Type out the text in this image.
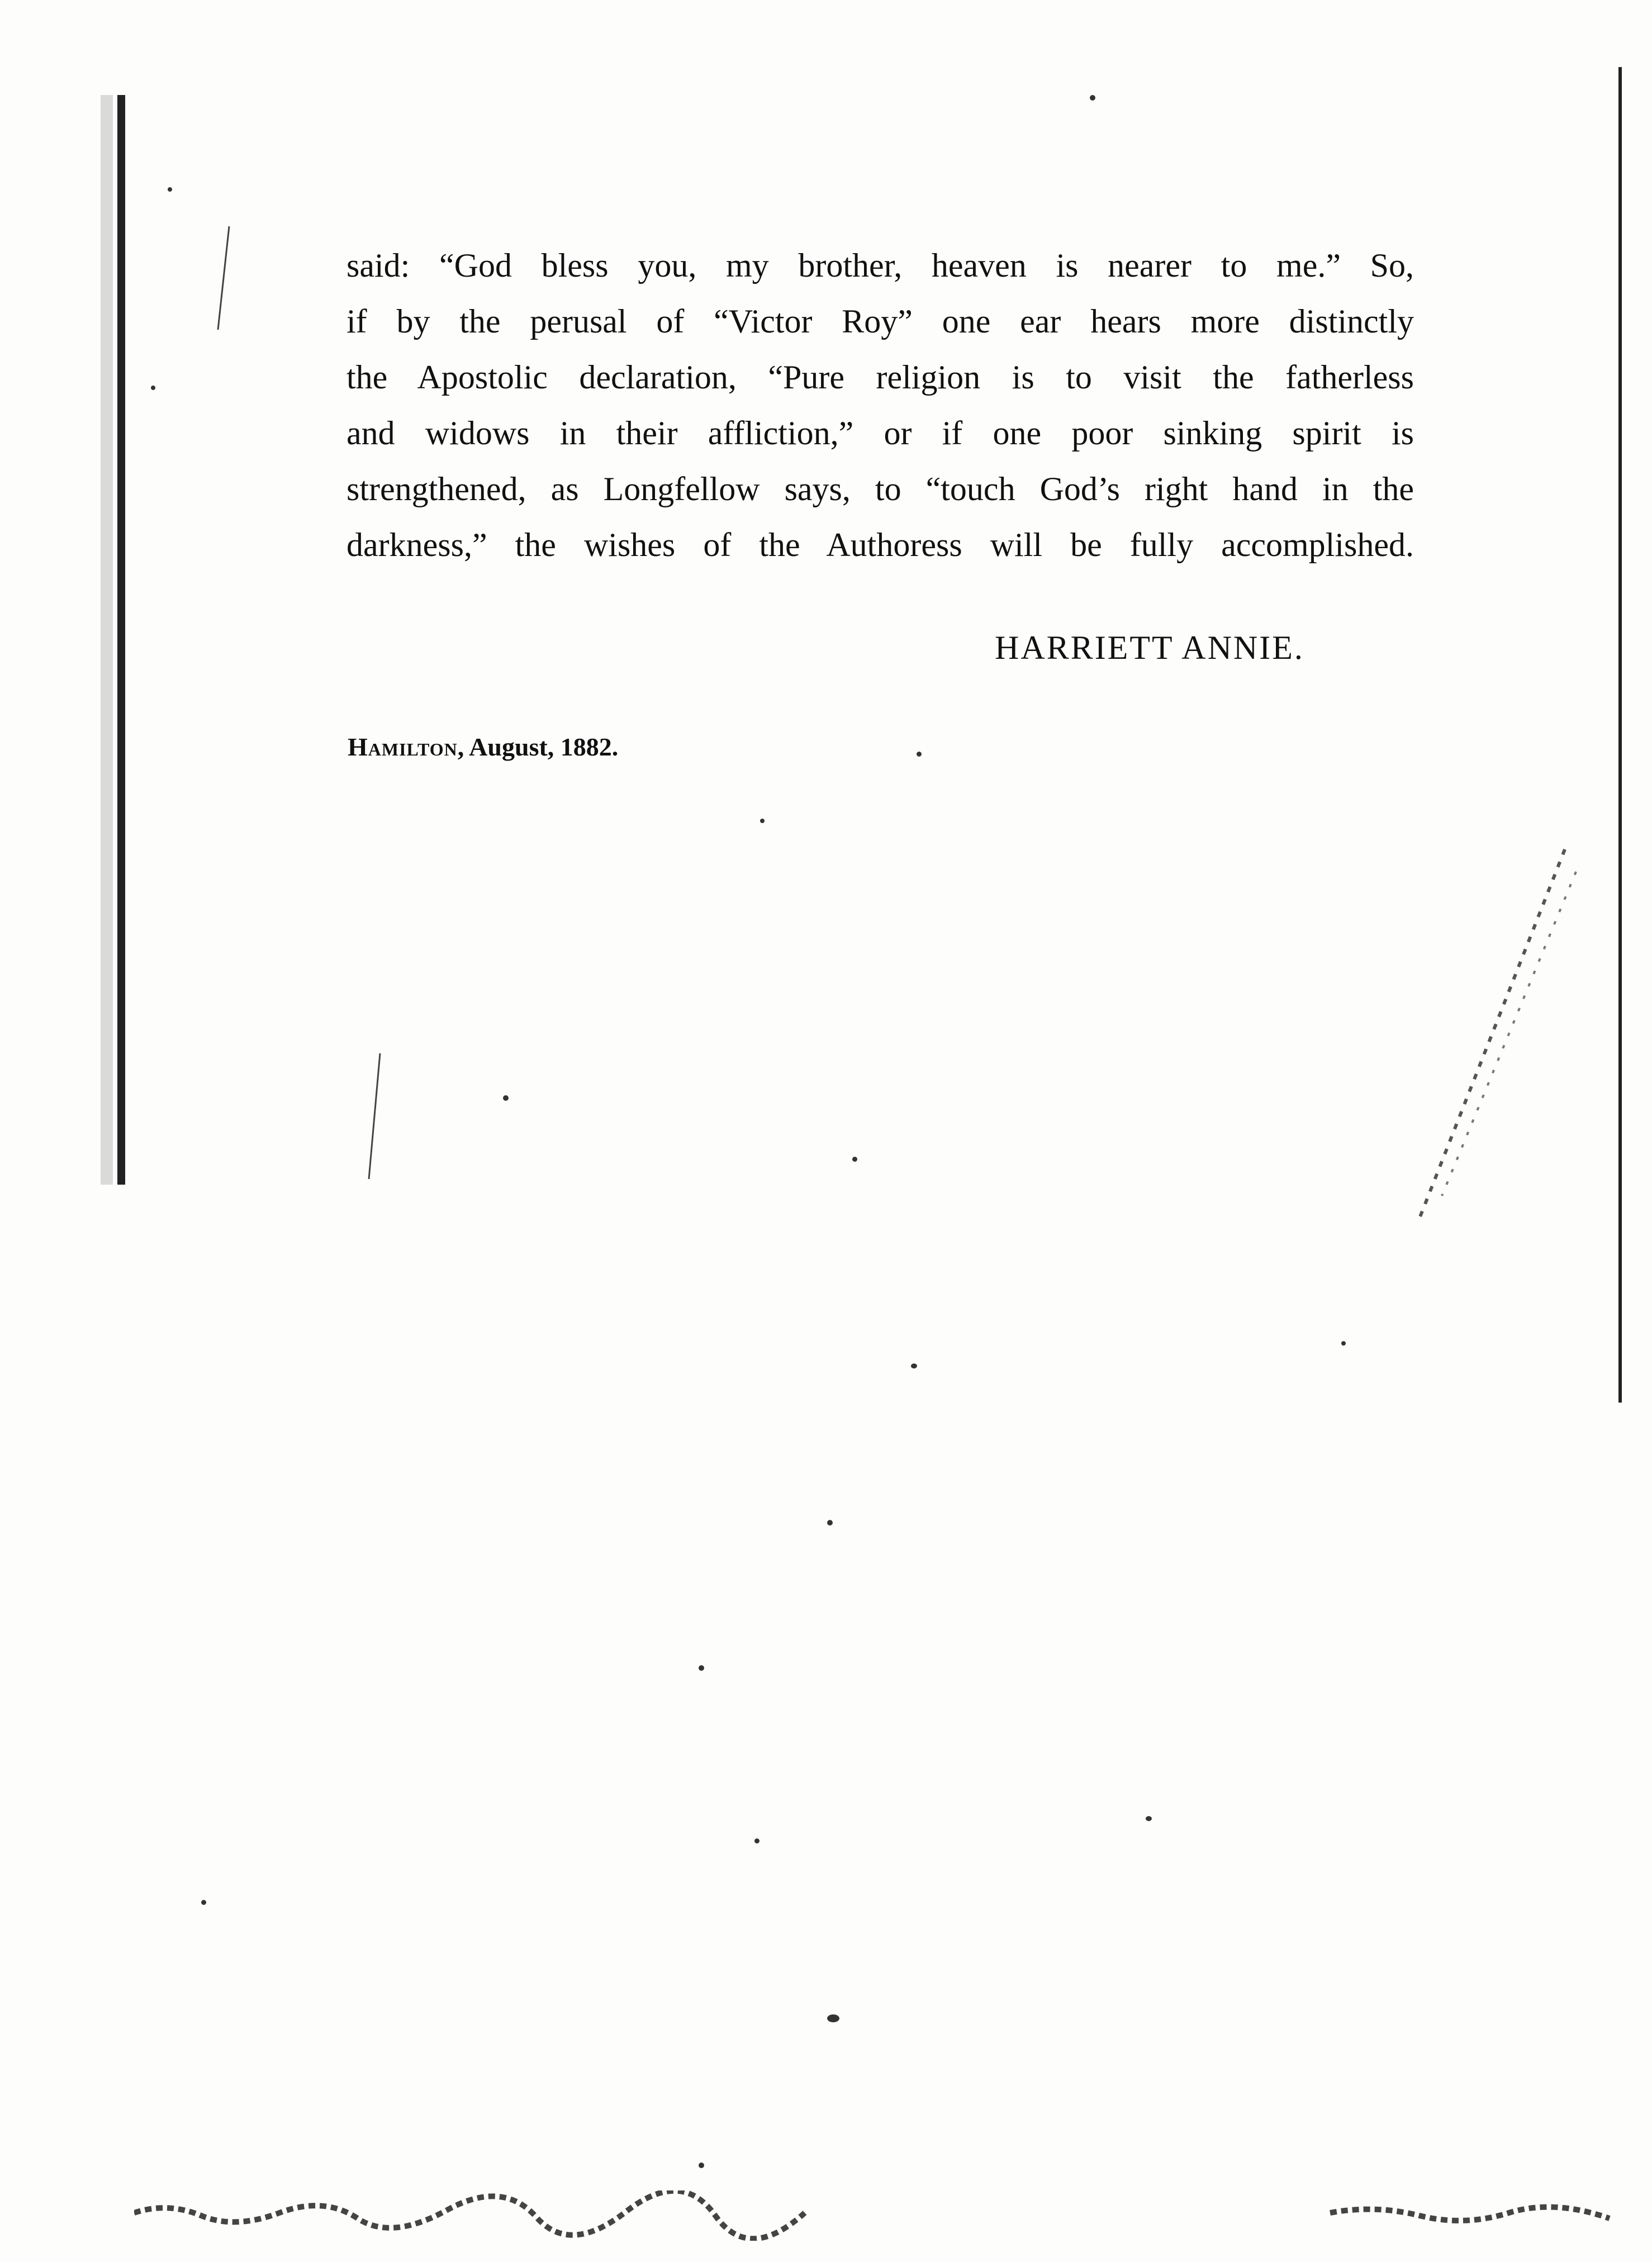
said: “God bless you, my brother, heaven is nearer to me.” So,
if by the perusal of “Victor Roy” one ear hears more distinctly
the Apostolic declaration, “Pure religion is to visit the fatherless
and widows in their affliction,” or if one poor sinking spirit is
strengthened, as Longfellow says, to “touch God’s right hand in the
darkness,” the wishes of the Authoress will be fully accomplished.
HARRIETT ANNIE.
Hamilton, August, 1882.
